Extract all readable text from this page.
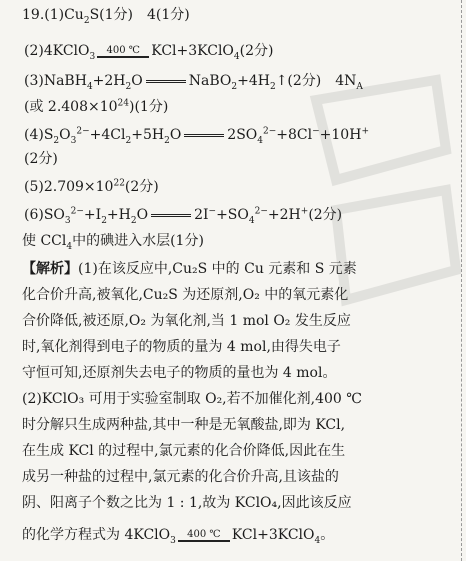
$19.(1)Cu_2S(1$分)　4(1分)
(2)4KClO$_3$
400 ℃ KCl+3KClO$_4$(2分)
$(3)NaBH_4+2H_2O$	$NaBO_2+4H_2↑(2$分)　$4N_A$
(或 $2.408\times 10^{24})(1$分)
$(4)S_2O_3^{2-}+4Cl_2+5H_2O$	$2SO_4^{2-}+8Cl^-+10H^+$
(2分)
$(5)2.709\times 10^{22}(2$分)
$(6)SO_3^{2-}+I_2+H_2O$	$2I^-+SO_4^{2-}+2H^+(2$分)
使 CCl$_4$中的碘进入水层(1分)
【解析】(1)在该反应中,Cu₂S 中的 Cu 元素和 S 元素
化合价升高,被氧化,Cu₂S 为还原剂,O₂ 中的氧元素化
合价降低,被还原,O₂ 为氧化剂,当 1 mol O₂ 发生反应
时,氧化剂得到电子的物质的量为 4 mol,由得失电子
守恒可知,还原剂失去电子的物质的量也为 4 mol。
(2)KClO₃ 可用于实验室制取 O₂,若不加催化剂,400 ℃
时分解只生成两种盐,其中一种是无氧酸盐,即为 KCl,
在生成 KCl 的过程中,氯元素的化合价降低,因此在生
成另一种盐的过程中,氯元素的化合价升高,且该盐的
阴、阳离子个数之比为 1 : 1,故为 KClO₄,因此该反应
的化学方程式为 4KClO$_3$
400 ℃ KCl+3KClO$_4$。
